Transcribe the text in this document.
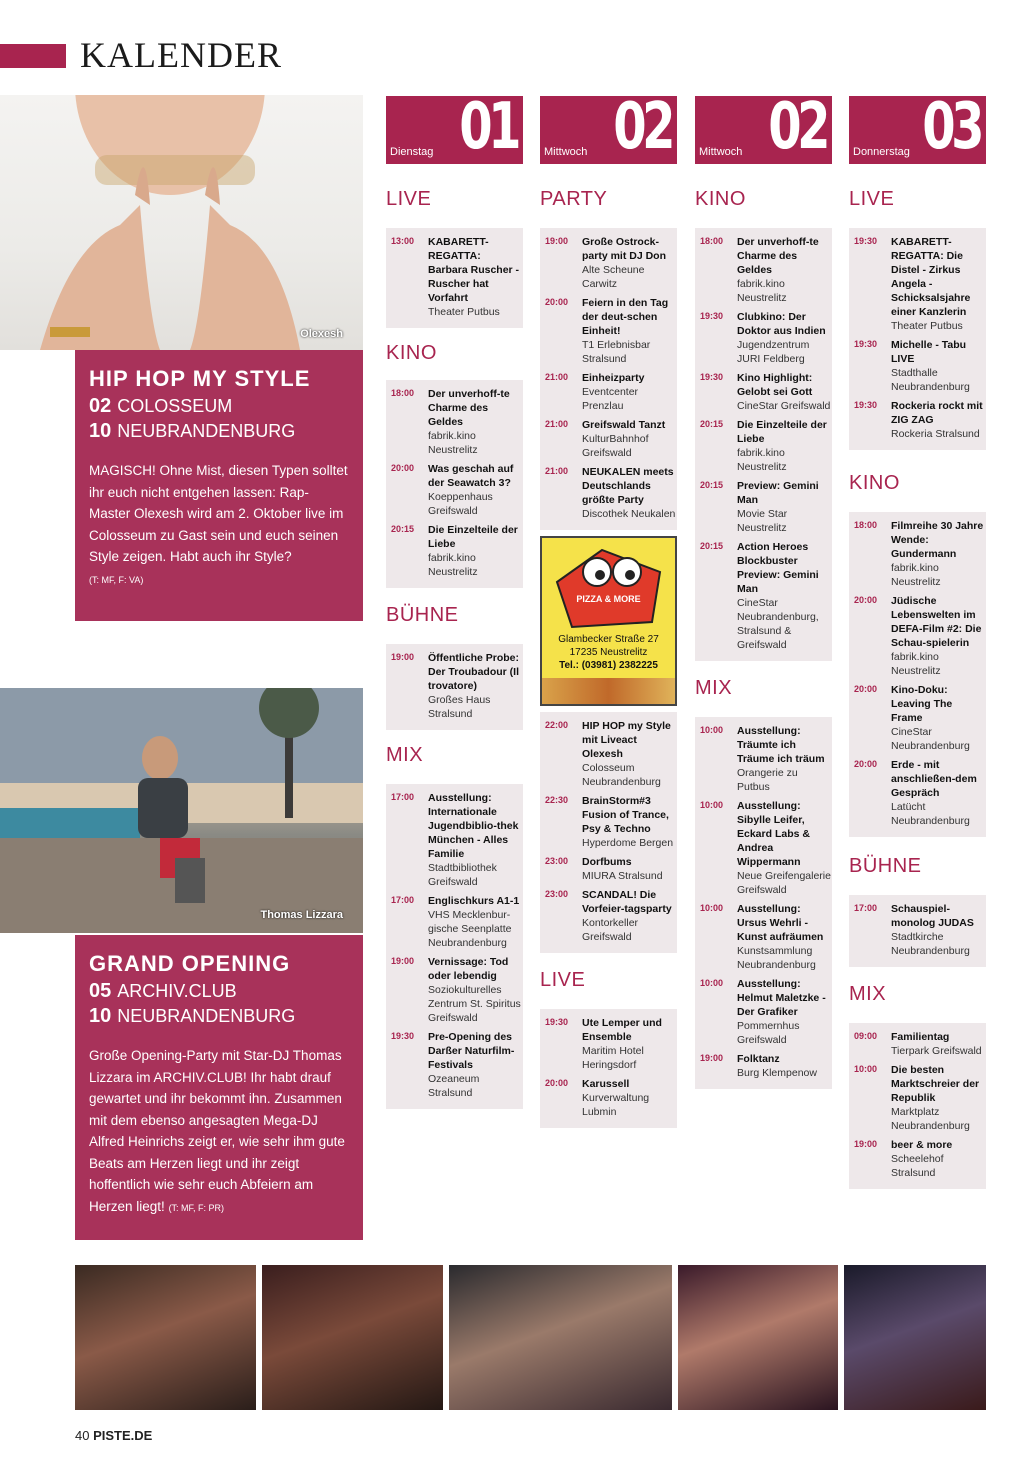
KALENDER
Olexesh
HIP HOP MY STYLE
02 COLOSSEUM
10 NEUBRANDENBURG
MAGISCH! Ohne Mist, diesen Typen solltet ihr euch nicht entgehen lassen: Rap-Master Olexesh wird am 2. Oktober live im Colosseum zu Gast sein und euch seinen Style zeigen. Habt auch ihr Style?
(T: MF, F: VA)
Thomas Lizzara
GRAND OPENING
05 ARCHIV.CLUB
10 NEUBRANDENBURG
Große Opening-Party mit Star-DJ Thomas Lizzara im ARCHIV.CLUB! Ihr habt drauf gewartet und ihr bekommt ihn. Zusammen mit dem ebenso angesagten Mega-DJ Alfred Heinrichs zeigt er, wie sehr ihm gute Beats am Herzen liegt und ihr zeigt hoffentlich wie sehr euch Abfeiern am Herzen liegt! (T: MF, F: PR)
Dienstag 01 Mittwoch 02	Mittwoch 02 Donnerstag 03
LIVE
13:00	KABARETT-REGATTA: Barbara Ruscher - Ruscher hat Vorfahrt
Theater Putbus
KINO
18:00	Der unverhoff-te Charme des Geldes
fabrik.kino Neustrelitz
20:00	Was geschah auf der Seawatch 3?
Koeppenhaus Greifswald
20:15	Die Einzelteile der Liebe
fabrik.kino Neustrelitz
BÜHNE
19:00	Öffentliche Probe: Der Troubadour (Il trovatore)
Großes Haus Stralsund
MIX
17:00	Ausstellung: Internationale Jugendbiblio-thek München - Alles Familie
Stadtbibliothek Greifswald
17:00	Englischkurs A1-1
VHS Mecklenbur-gische Seenplatte Neubrandenburg
19:00	Vernissage: Tod oder lebendig
Soziokulturelles Zentrum St. Spiritus Greifswald
19:30	Pre-Opening des Darßer Naturfilm-Festivals
Ozeaneum Stralsund
PARTY
19:00	Große Ostrock-party mit DJ Don
Alte Scheune Carwitz
20:00	Feiern in den Tag der deut-schen Einheit!
T1 Erlebnisbar Stralsund
21:00	Einheizparty
Eventcenter Prenzlau
21:00	Greifswald Tanzt
KulturBahnhof Greifswald
21:00	NEUKALEN meets Deutschlands größte Party
Discothek Neukalen
PIZZA & MORE
Glambecker Straße 27
17235 Neustrelitz
Tel.: (03981) 2382225
22:00	HIP HOP my Style mit Liveact Olexesh
Colosseum Neubrandenburg
22:30	BrainStorm#3 Fusion of Trance, Psy & Techno
Hyperdome Bergen
23:00	Dorfbums
MIURA Stralsund
23:00	SCANDAL! Die Vorfeier-tagsparty
Kontorkeller Greifswald
LIVE
19:30	Ute Lemper und Ensemble
Maritim Hotel Heringsdorf
20:00	Karussell
Kurverwaltung Lubmin
KINO
18:00	Der unverhoff-te Charme des Geldes
fabrik.kino Neustrelitz
19:30	Clubkino: Der Doktor aus Indien
Jugendzentrum JURI Feldberg
19:30	Kino Highlight: Gelobt sei Gott
CineStar Greifswald
20:15	Die Einzelteile der Liebe
fabrik.kino Neustrelitz
20:15	Preview: Gemini Man
Movie Star Neustrelitz
20:15	Action Heroes Blockbuster Preview: Gemini Man
CineStar Neubrandenburg, Stralsund & Greifswald
MIX
10:00	Ausstellung: Träumte ich Träume ich träum
Orangerie zu Putbus
10:00	Ausstellung: Sibylle Leifer, Eckard Labs & Andrea Wippermann
Neue Greifengalerie Greifswald
10:00	Ausstellung: Ursus Wehrli - Kunst aufräumen
Kunstsammlung Neubrandenburg
10:00	Ausstellung: Helmut Maletzke - Der Grafiker
Pommernhus Greifswald
19:00	Folktanz
Burg Klempenow
LIVE
19:30	KABARETT-REGATTA: Die Distel - Zirkus Angela - Schicksalsjahre einer Kanzlerin
Theater Putbus
19:30	Michelle - Tabu LIVE
Stadthalle Neubrandenburg
19:30	Rockeria rockt mit ZIG ZAG
Rockeria Stralsund
KINO
18:00	Filmreihe 30 Jahre Wende: Gundermann
fabrik.kino Neustrelitz
20:00	Jüdische Lebenswelten im DEFA-Film #2: Die Schau-spielerin
fabrik.kino Neustrelitz
20:00	Kino-Doku: Leaving The Frame
CineStar Neubrandenburg
20:00	Erde - mit anschließen-dem Gespräch
Latücht Neubrandenburg
BÜHNE
17:00	Schauspiel-monolog JUDAS
Stadtkirche Neubrandenburg
MIX
09:00	Familientag
Tierpark Greifswald
10:00	Die besten Marktschreier der Republik
Marktplatz Neubrandenburg
19:00	beer & more
Scheelehof Stralsund
40 PISTE.DE
